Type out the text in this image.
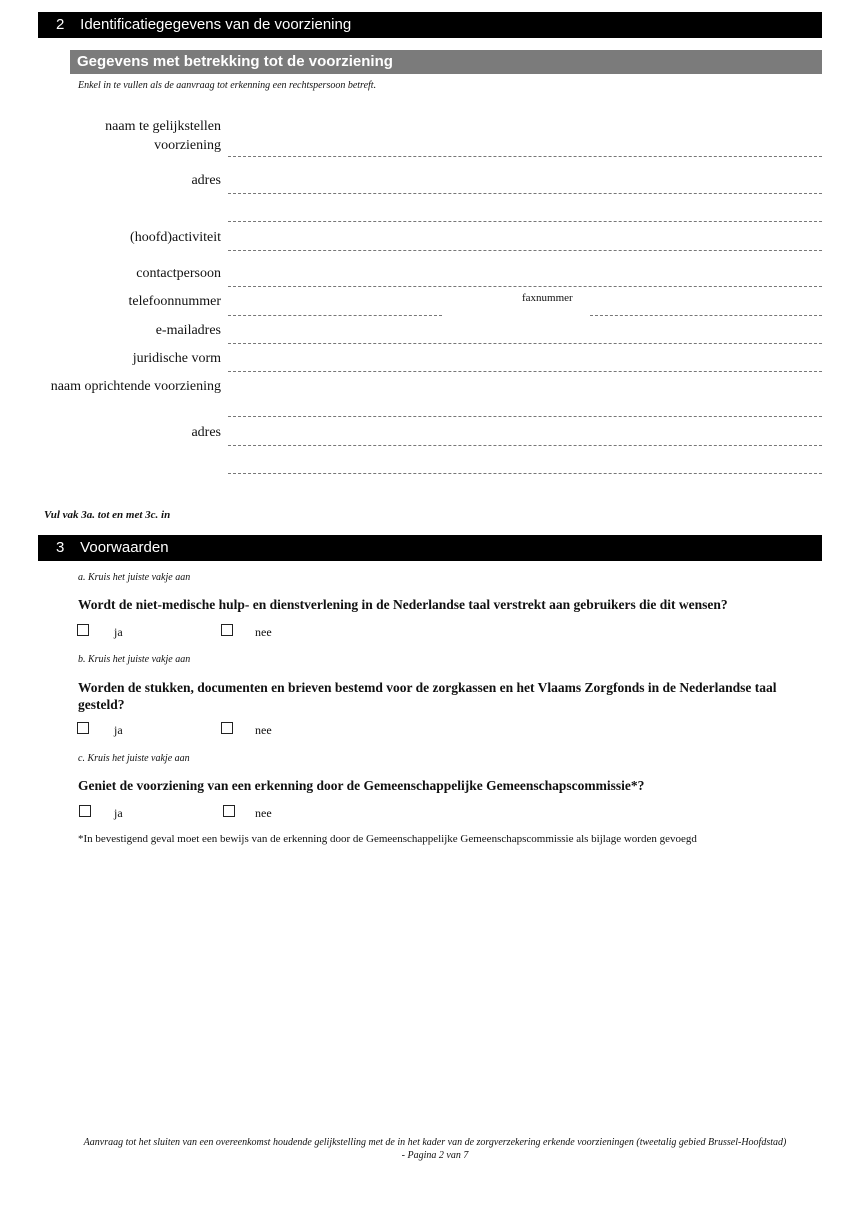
2 Identificatiegegevens van de voorziening
Gegevens met betrekking tot de voorziening
Enkel in te vullen als de aanvraag tot erkenning een rechtspersoon betreft.
naam te gelijkstellen voorziening
adres
(hoofd)activiteit
contactpersoon
telefoonnummer	faxnummer
e-mailadres
juridische vorm
naam oprichtende voorziening
adres
Vul vak 3a. tot en met 3c. in
3 Voorwaarden
a. Kruis het juiste vakje aan
Wordt de niet-medische hulp- en dienstverlening in de Nederlandse taal verstrekt aan gebruikers die dit wensen?
ja	nee
b. Kruis het juiste vakje aan
Worden de stukken, documenten en brieven bestemd voor de zorgkassen en het Vlaams Zorgfonds in de Nederlandse taal gesteld?
ja	nee
c. Kruis het juiste vakje aan
Geniet de voorziening van een erkenning door de Gemeenschappelijke Gemeenschapscommissie*?
ja	nee
*In bevestigend geval moet een bewijs van de erkenning door de Gemeenschappelijke Gemeenschapscommissie als bijlage worden gevoegd
Aanvraag tot het sluiten van een overeenkomst houdende gelijkstelling met de in het kader van de zorgverzekering erkende voorzieningen (tweetalig gebied Brussel-Hoofdstad)
- Pagina 2 van 7
